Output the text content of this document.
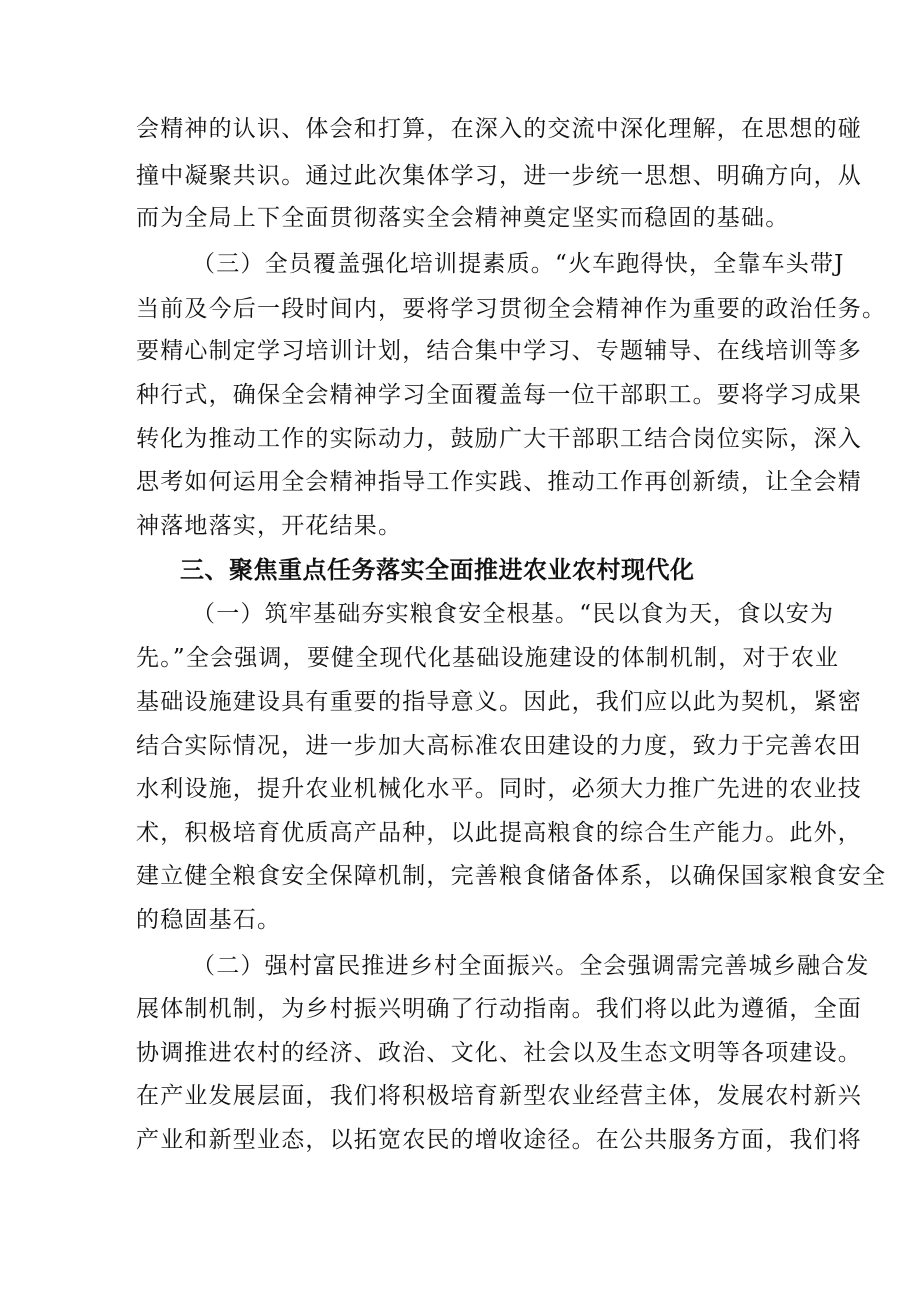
会精神的认识、体会和打算，在深入的交流中深化理解，在思想的碰
撞中凝聚共识。通过此次集体学习，进一步统一思想、明确方向，从
而为全局上下全面贯彻落实全会精神奠定坚实而稳固的基础。
（三）全员覆盖强化培训提素质。“火车跑得快，全靠车头带J
当前及今后一段时间内，要将学习贯彻全会精神作为重要的政治任务。
要精心制定学习培训计划，结合集中学习、专题辅导、在线培训等多
种行式，确保全会精神学习全面覆盖每一位干部职工。要将学习成果
转化为推动工作的实际动力，鼓励广大干部职工结合岗位实际，深入
思考如何运用全会精神指导工作实践、推动工作再创新绩，让全会精
神落地落实，开花结果。
三、聚焦重点任务落实全面推进农业农村现代化
（一）筑牢基础夯实粮食安全根基。“民以食为天，食以安为
先。”全会强调，要健全现代化基础设施建设的体制机制，对于农业
基础设施建设具有重要的指导意义。因此，我们应以此为契机，紧密
结合实际情况，进一步加大高标准农田建设的力度，致力于完善农田
水利设施，提升农业机械化水平。同时，必须大力推广先进的农业技
术，积极培育优质高产品种，以此提高粮食的综合生产能力。此外，
建立健全粮食安全保障机制，完善粮食储备体系，以确保国家粮食安全
的稳固基石。
（二）强村富民推进乡村全面振兴。全会强调需完善城乡融合发
展体制机制，为乡村振兴明确了行动指南。我们将以此为遵循，全面
协调推进农村的经济、政治、文化、社会以及生态文明等各项建设。
在产业发展层面，我们将积极培育新型农业经营主体，发展农村新兴
产业和新型业态，以拓宽农民的增收途径。在公共服务方面，我们将
